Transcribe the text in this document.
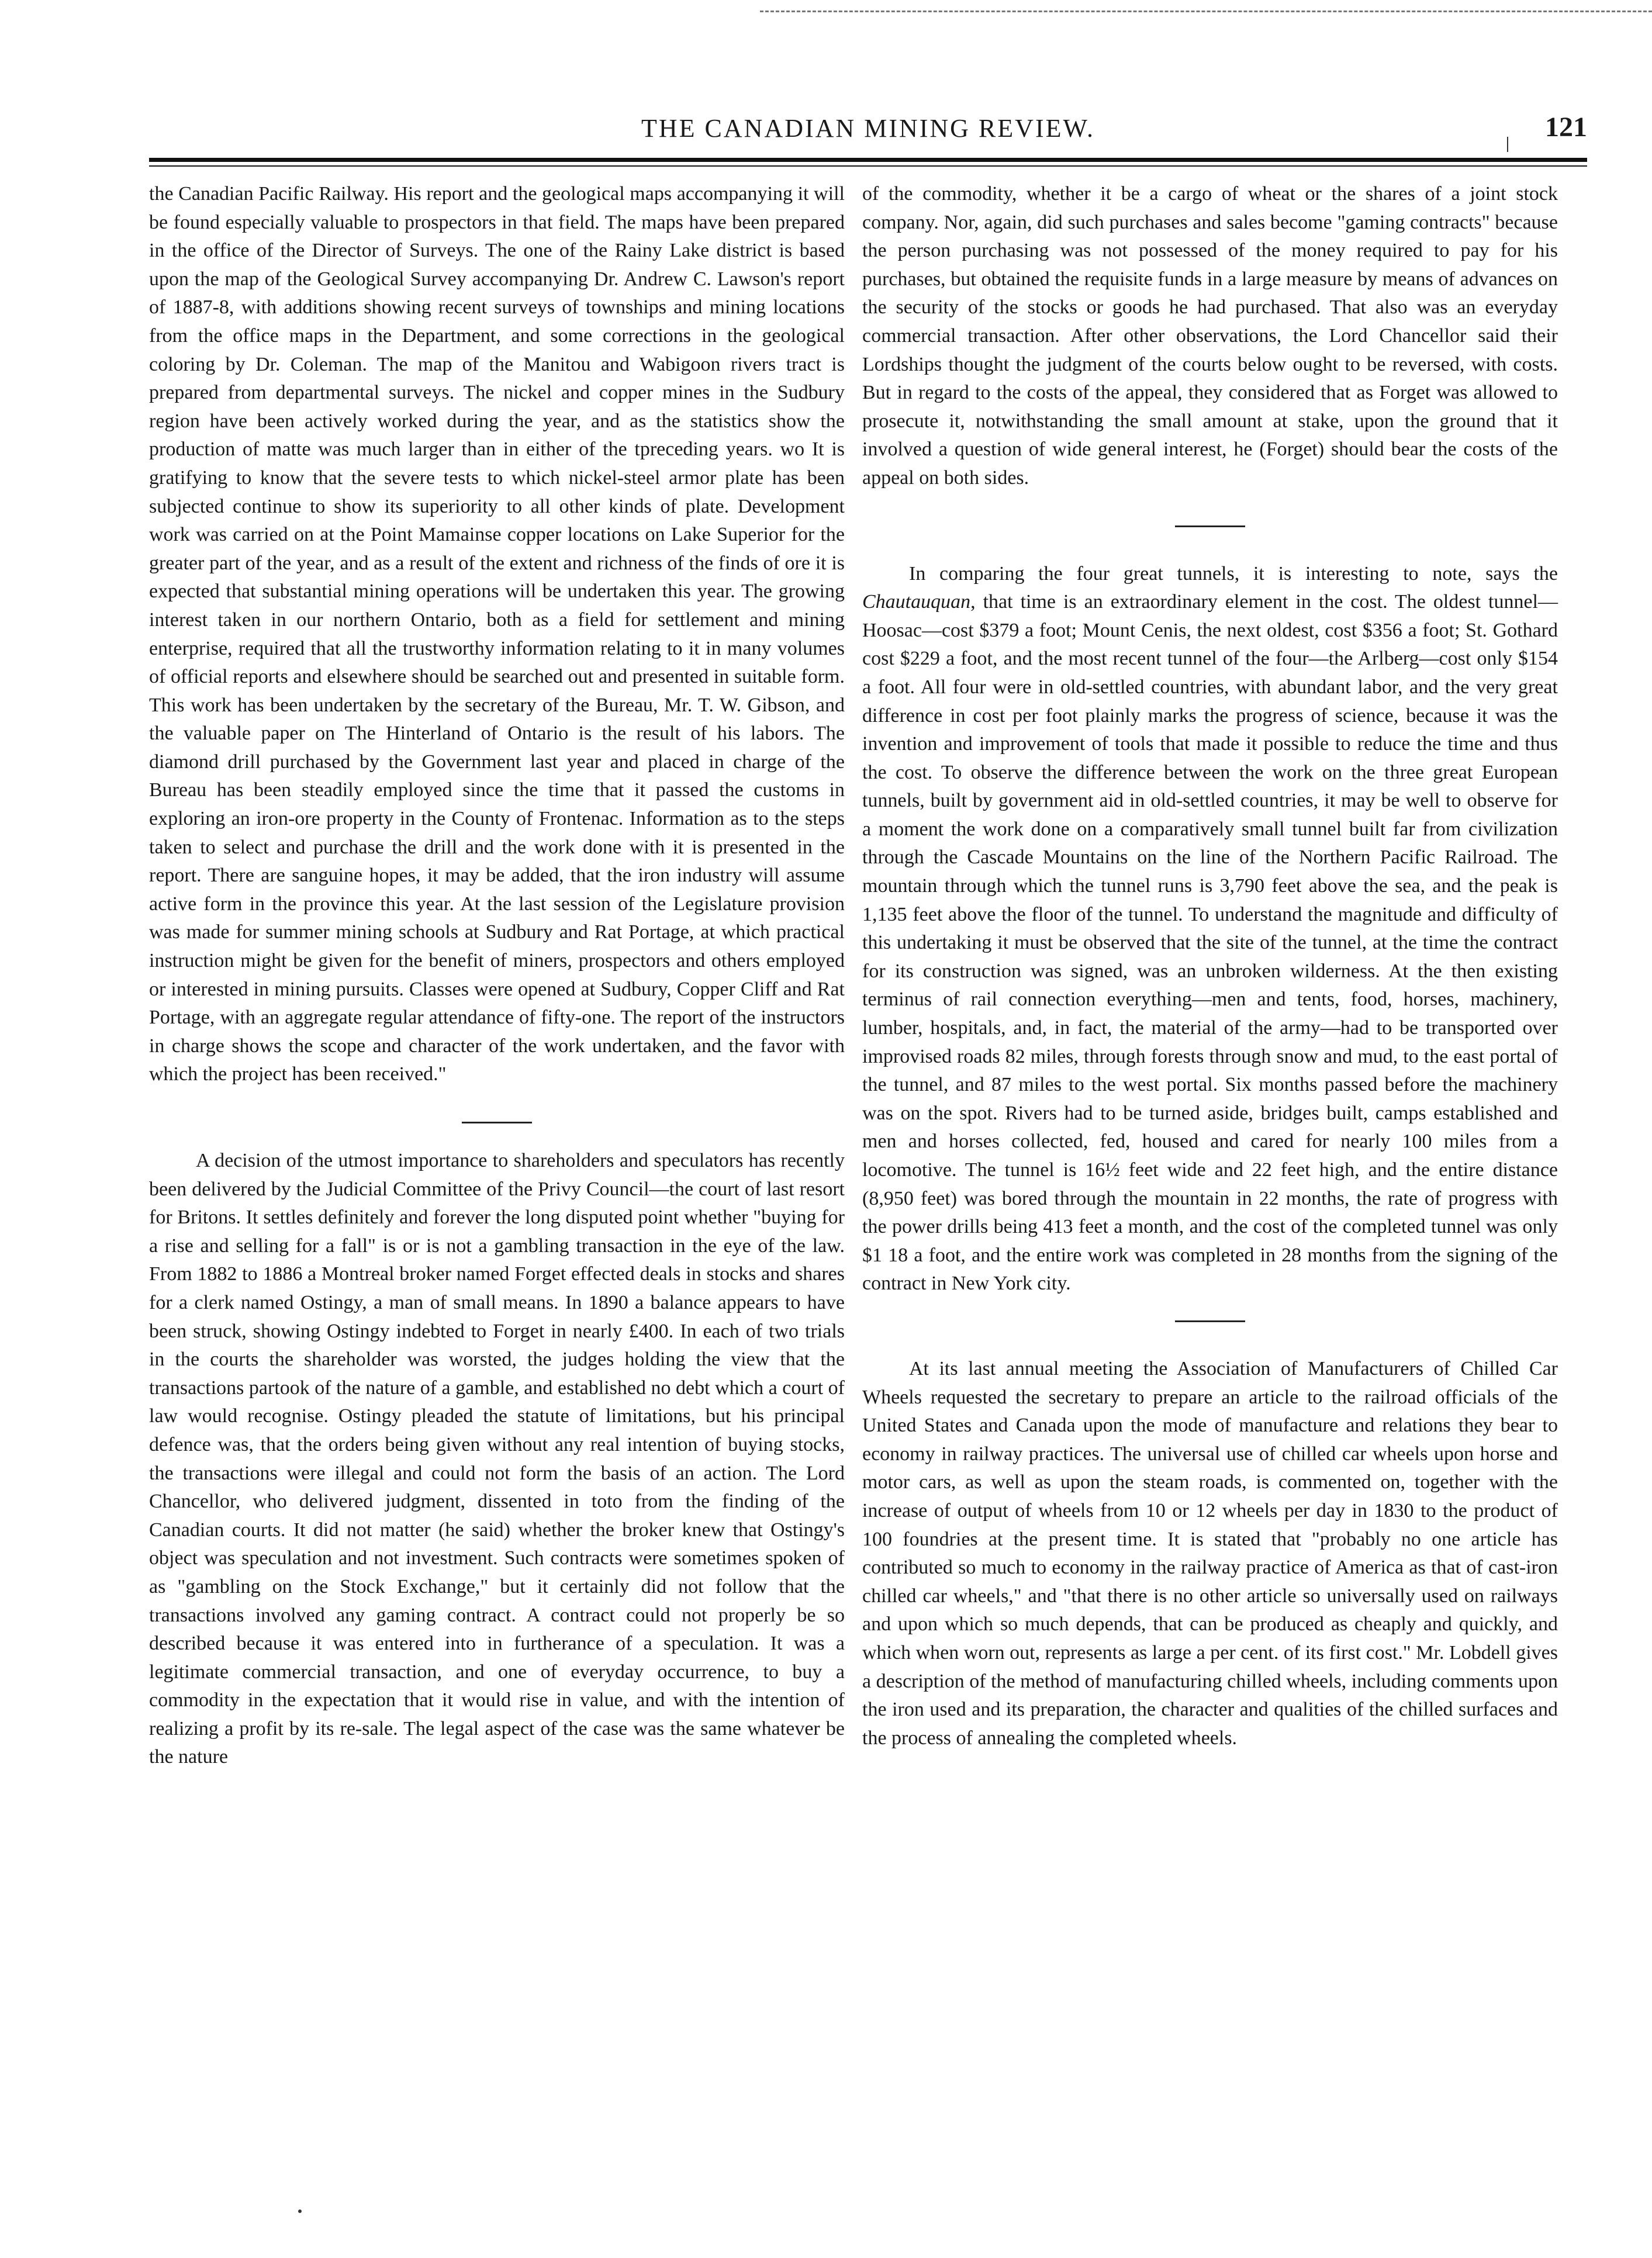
THE CANADIAN MINING REVIEW.	121

the Canadian Pacific Railway. His report and the geological maps accompanying it will be found especially valuable to prospectors in that field. The maps have been prepared in the office of the Director of Surveys. The one of the Rainy Lake district is based upon the map of the Geological Survey accompanying Dr. Andrew C. Lawson's report of 1887-8, with additions showing recent surveys of townships and mining locations from the office maps in the Department, and some corrections in the geological coloring by Dr. Coleman. The map of the Manitou and Wabigoon rivers tract is prepared from departmental surveys. The nickel and copper mines in the Sudbury region have been actively worked during the year, and as the statistics show the production of matte was much larger than in either of the tpreceding years. wo It is gratifying to know that the severe tests to which nickel-steel armor plate has been subjected continue to show its superiority to all other kinds of plate. Development work was carried on at the Point Mamainse copper locations on Lake Superior for the greater part of the year, and as a result of the extent and richness of the finds of ore it is expected that substantial mining operations will be undertaken this year. The growing interest taken in our northern Ontario, both as a field for settlement and mining enterprise, required that all the trustworthy information relating to it in many volumes of official reports and elsewhere should be searched out and presented in suitable form. This work has been undertaken by the secretary of the Bureau, Mr. T. W. Gibson, and the valuable paper on The Hinterland of Ontario is the result of his labors. The diamond drill purchased by the Government last year and placed in charge of the Bureau has been steadily employed since the time that it passed the customs in exploring an iron-ore property in the County of Frontenac. Information as to the steps taken to select and purchase the drill and the work done with it is presented in the report. There are sanguine hopes, it may be added, that the iron industry will assume active form in the province this year. At the last session of the Legislature provision was made for summer mining schools at Sudbury and Rat Portage, at which practical instruction might be given for the benefit of miners, prospectors and others employed or interested in mining pursuits. Classes were opened at Sudbury, Copper Cliff and Rat Portage, with an aggregate regular attendance of fifty-one. The report of the instructors in charge shows the scope and character of the work undertaken, and the favor with which the project has been received."

A decision of the utmost importance to shareholders and speculators has recently been delivered by the Judicial Committee of the Privy Council—the court of last resort for Britons. It settles definitely and forever the long disputed point whether "buying for a rise and selling for a fall" is or is not a gambling transaction in the eye of the law. From 1882 to 1886 a Montreal broker named Forget effected deals in stocks and shares for a clerk named Ostingy, a man of small means. In 1890 a balance appears to have been struck, showing Ostingy indebted to Forget in nearly £400. In each of two trials in the courts the shareholder was worsted, the judges holding the view that the transactions partook of the nature of a gamble, and established no debt which a court of law would recognise. Ostingy pleaded the statute of limitations, but his principal defence was, that the orders being given without any real intention of buying stocks, the transactions were illegal and could not form the basis of an action. The Lord Chancellor, who delivered judgment, dissented in toto from the finding of the Canadian courts. It did not matter (he said) whether the broker knew that Ostingy's object was speculation and not investment. Such contracts were sometimes spoken of as "gambling on the Stock Exchange," but it certainly did not follow that the transactions involved any gaming contract. A contract could not properly be so described because it was entered into in furtherance of a speculation. It was a legitimate commercial transaction, and one of everyday occurrence, to buy a commodity in the expectation that it would rise in value, and with the intention of realizing a profit by its re-sale. The legal aspect of the case was the same whatever be the nature

of the commodity, whether it be a cargo of wheat or the shares of a joint stock company. Nor, again, did such purchases and sales become "gaming contracts" because the person purchasing was not possessed of the money required to pay for his purchases, but obtained the requisite funds in a large measure by means of advances on the security of the stocks or goods he had purchased. That also was an everyday commercial transaction. After other observations, the Lord Chancellor said their Lordships thought the judgment of the courts below ought to be reversed, with costs. But in regard to the costs of the appeal, they considered that as Forget was allowed to prosecute it, notwithstanding the small amount at stake, upon the ground that it involved a question of wide general interest, he (Forget) should bear the costs of the appeal on both sides.

In comparing the four great tunnels, it is interesting to note, says the Chautauquan, that time is an extraordinary element in the cost. The oldest tunnel—Hoosac—cost $379 a foot; Mount Cenis, the next oldest, cost $356 a foot; St. Gothard cost $229 a foot, and the most recent tunnel of the four—the Arlberg—cost only $154 a foot. All four were in old-settled countries, with abundant labor, and the very great difference in cost per foot plainly marks the progress of science, because it was the invention and improvement of tools that made it possible to reduce the time and thus the cost. To observe the difference between the work on the three great European tunnels, built by government aid in old-settled countries, it may be well to observe for a moment the work done on a comparatively small tunnel built far from civilization through the Cascade Mountains on the line of the Northern Pacific Railroad. The mountain through which the tunnel runs is 3,790 feet above the sea, and the peak is 1,135 feet above the floor of the tunnel. To understand the magnitude and difficulty of this undertaking it must be observed that the site of the tunnel, at the time the contract for its construction was signed, was an unbroken wilderness. At the then existing terminus of rail connection everything—men and tents, food, horses, machinery, lumber, hospitals, and, in fact, the material of the army—had to be transported over improvised roads 82 miles, through forests through snow and mud, to the east portal of the tunnel, and 87 miles to the west portal. Six months passed before the machinery was on the spot. Rivers had to be turned aside, bridges built, camps established and men and horses collected, fed, housed and cared for nearly 100 miles from a locomotive. The tunnel is 16½ feet wide and 22 feet high, and the entire distance (8,950 feet) was bored through the mountain in 22 months, the rate of progress with the power drills being 413 feet a month, and the cost of the completed tunnel was only $1 18 a foot, and the entire work was completed in 28 months from the signing of the contract in New York city.

At its last annual meeting the Association of Manufacturers of Chilled Car Wheels requested the secretary to prepare an article to the railroad officials of the United States and Canada upon the mode of manufacture and relations they bear to economy in railway practices. The universal use of chilled car wheels upon horse and motor cars, as well as upon the steam roads, is commented on, together with the increase of output of wheels from 10 or 12 wheels per day in 1830 to the product of 100 foundries at the present time. It is stated that "probably no one article has contributed so much to economy in the railway practice of America as that of cast-iron chilled car wheels," and "that there is no other article so universally used on railways and upon which so much depends, that can be produced as cheaply and quickly, and which when worn out, represents as large a per cent. of its first cost." Mr. Lobdell gives a description of the method of manufacturing chilled wheels, including comments upon the iron used and its preparation, the character and qualities of the chilled surfaces and the process of annealing the completed wheels.
